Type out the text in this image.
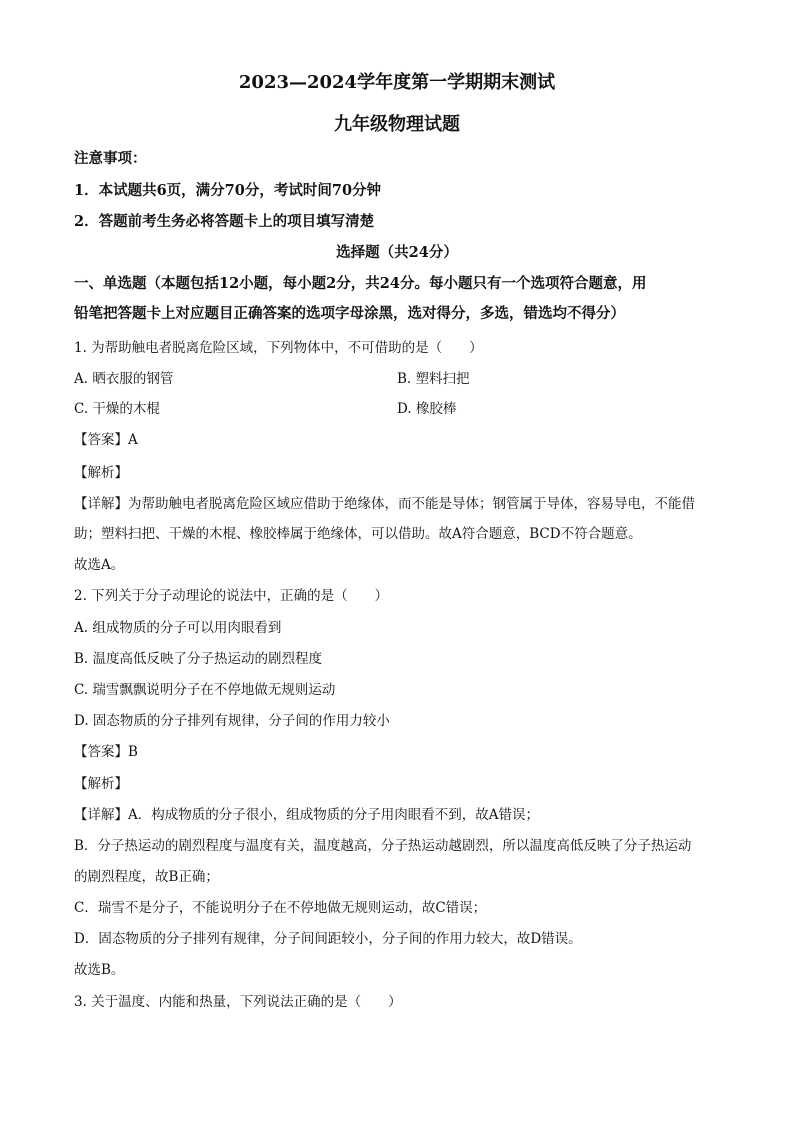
2023—2024学年度第一学期期末测试
九年级物理试题
注意事项：
1．本试题共6页，满分70分，考试时间70分钟
2．答题前考生务必将答题卡上的项目填写清楚
选择题（共24分）
一、单选题（本题包括12小题，每小题2分，共24分。每小题只有一个选项符合题意，用
铅笔把答题卡上对应题目正确答案的选项字母涂黑，选对得分，多选，错选均不得分）
1. 为帮助触电者脱离危险区域，下列物体中，不可借助的是（　　）
A. 晒衣服的钢管	B. 塑料扫把
C. 干燥的木棍	D. 橡胶棒
【答案】A
【解析】
【详解】为帮助触电者脱离危险区域应借助于绝缘体，而不能是导体；钢管属于导体，容易导电，不能借
助；塑料扫把、干燥的木棍、橡胶棒属于绝缘体，可以借助。故A符合题意，BCD不符合题意。
故选A。
2. 下列关于分子动理论的说法中，正确的是（　　）
A. 组成物质的分子可以用肉眼看到
B. 温度高低反映了分子热运动的剧烈程度
C. 瑞雪飘飘说明分子在不停地做无规则运动
D. 固态物质的分子排列有规律，分子间的作用力较小
【答案】B
【解析】
【详解】A．构成物质的分子很小，组成物质的分子用肉眼看不到，故A错误；
B．分子热运动的剧烈程度与温度有关，温度越高，分子热运动越剧烈，所以温度高低反映了分子热运动
的剧烈程度，故B正确；
C．瑞雪不是分子，不能说明分子在不停地做无规则运动，故C错误；
D．固态物质的分子排列有规律，分子间间距较小，分子间的作用力较大，故D错误。
故选B。
3. 关于温度、内能和热量，下列说法正确的是（　　）
